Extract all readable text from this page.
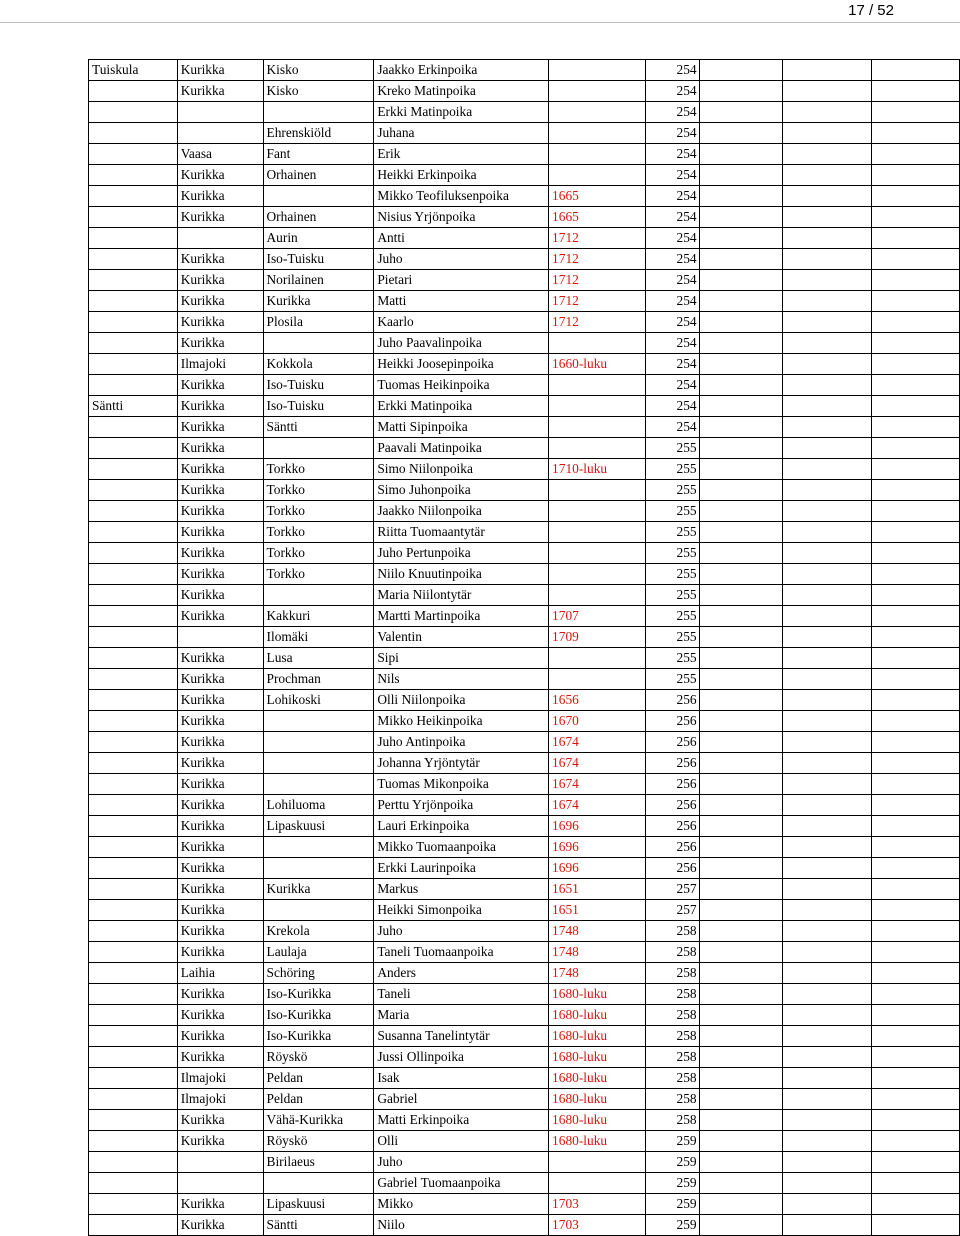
17 / 52
Tuiskula	Kurikka	Kisko	Jaakko Erkinpoika		254			
	Kurikka	Kisko	Kreko Matinpoika		254			
			Erkki Matinpoika		254			
		Ehrenskiöld	Juhana		254			
	Vaasa	Fant	Erik		254			
	Kurikka	Orhainen	Heikki Erkinpoika		254			
	Kurikka		Mikko Teofiluksenpoika	1665	254			
	Kurikka	Orhainen	Nisius Yrjönpoika	1665	254			
		Aurin	Antti	1712	254			
	Kurikka	Iso-Tuisku	Juho	1712	254			
	Kurikka	Norilainen	Pietari	1712	254			
	Kurikka	Kurikka	Matti	1712	254			
	Kurikka	Plosila	Kaarlo	1712	254			
	Kurikka		Juho Paavalinpoika		254			
	Ilmajoki	Kokkola	Heikki Joosepinpoika	1660-luku	254			
	Kurikka	Iso-Tuisku	Tuomas Heikinpoika		254			
Säntti	Kurikka	Iso-Tuisku	Erkki Matinpoika		254			
	Kurikka	Säntti	Matti Sipinpoika		254			
	Kurikka		Paavali Matinpoika		255			
	Kurikka	Torkko	Simo Niilonpoika	1710-luku	255			
	Kurikka	Torkko	Simo Juhonpoika		255			
	Kurikka	Torkko	Jaakko Niilonpoika		255			
	Kurikka	Torkko	Riitta Tuomaantytär		255			
	Kurikka	Torkko	Juho Pertunpoika		255			
	Kurikka	Torkko	Niilo Knuutinpoika		255			
	Kurikka		Maria Niilontytär		255			
	Kurikka	Kakkuri	Martti Martinpoika	1707	255			
		Ilomäki	Valentin	1709	255			
	Kurikka	Lusa	Sipi		255			
	Kurikka	Prochman	Nils		255			
	Kurikka	Lohikoski	Olli Niilonpoika	1656	256			
	Kurikka		Mikko Heikinpoika	1670	256			
	Kurikka		Juho Antinpoika	1674	256			
	Kurikka		Johanna Yrjöntytär	1674	256			
	Kurikka		Tuomas Mikonpoika	1674	256			
	Kurikka	Lohiluoma	Perttu Yrjönpoika	1674	256			
	Kurikka	Lipaskuusi	Lauri Erkinpoika	1696	256			
	Kurikka		Mikko Tuomaanpoika	1696	256			
	Kurikka		Erkki Laurinpoika	1696	256			
	Kurikka	Kurikka	Markus	1651	257			
	Kurikka		Heikki Simonpoika	1651	257			
	Kurikka	Krekola	Juho	1748	258			
	Kurikka	Laulaja	Taneli Tuomaanpoika	1748	258			
	Laihia	Schöring	Anders	1748	258			
	Kurikka	Iso-Kurikka	Taneli	1680-luku	258			
	Kurikka	Iso-Kurikka	Maria	1680-luku	258			
	Kurikka	Iso-Kurikka	Susanna Tanelintytär	1680-luku	258			
	Kurikka	Röyskö	Jussi Ollinpoika	1680-luku	258			
	Ilmajoki	Peldan	Isak	1680-luku	258			
	Ilmajoki	Peldan	Gabriel	1680-luku	258			
	Kurikka	Vähä-Kurikka	Matti Erkinpoika	1680-luku	258			
	Kurikka	Röyskö	Olli	1680-luku	259			
		Birilaeus	Juho		259			
			Gabriel Tuomaanpoika		259			
	Kurikka	Lipaskuusi	Mikko	1703	259			
	Kurikka	Säntti	Niilo	1703	259			
